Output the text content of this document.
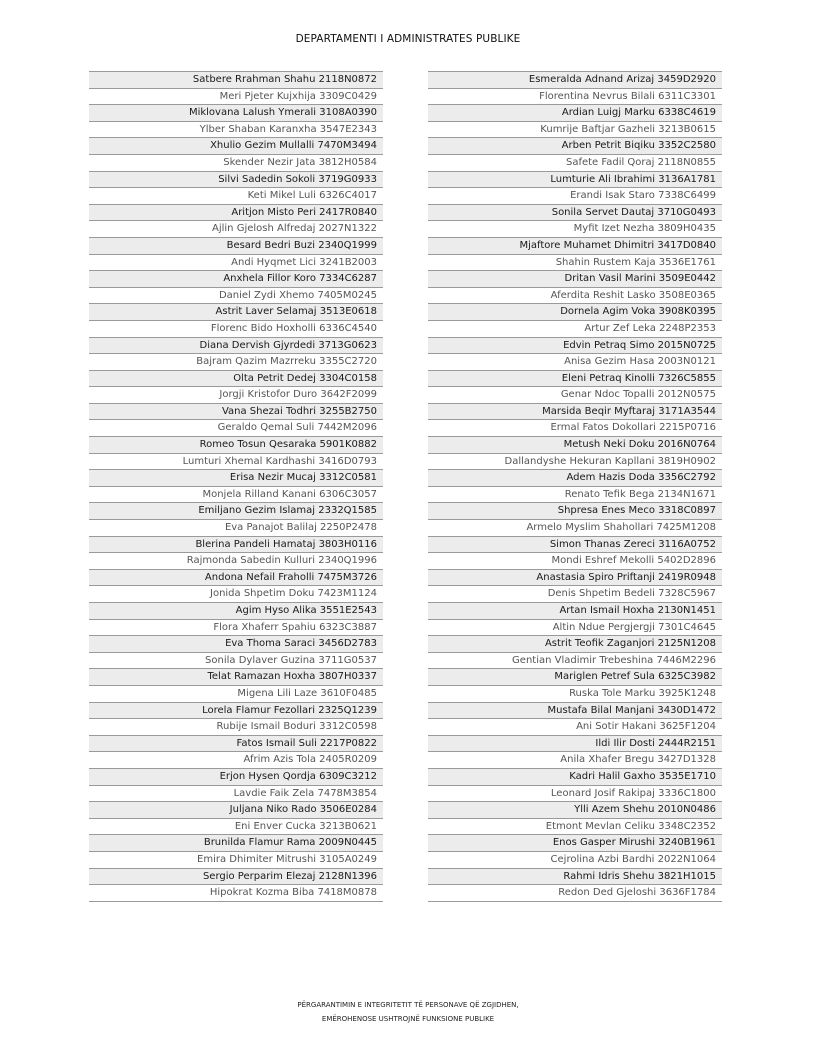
DEPARTAMENTI I ADMINISTRATES PUBLIKE
Satbere Rrahman Shahu 2118N0872
Meri Pjeter Kujxhija 3309C0429
Miklovana Lalush Ymerali 3108A0390
Ylber Shaban Karanxha 3547E2343
Xhulio Gezim Mullalli 7470M3494
Skender Nezir Jata 3812H0584
Silvi Sadedin Sokoli 3719G0933
Keti Mikel Luli 6326C4017
Aritjon Misto Peri 2417R0840
Ajlin Gjelosh Alfredaj 2027N1322
Besard Bedri Buzi 2340Q1999
Andi Hyqmet Lici 3241B2003
Anxhela Fillor Koro 7334C6287
Daniel Zydi Xhemo 7405M0245
Astrit Laver Selamaj 3513E0618
Florenc Bido Hoxholli 6336C4540
Diana Dervish Gjyrdedi 3713G0623
Bajram Qazim Mazrreku 3355C2720
Olta Petrit Dedej 3304C0158
Jorgji Kristofor Duro 3642F2099
Vana Shezai Todhri 3255B2750
Geraldo Qemal Suli 7442M2096
Romeo Tosun Qesaraka 5901K0882
Lumturi Xhemal Kardhashi 3416D0793
Erisa Nezir Mucaj 3312C0581
Monjela Rilland Kanani 6306C3057
Emiljano Gezim Islamaj 2332Q1585
Eva Panajot Balilaj 2250P2478
Blerina Pandeli Hamataj 3803H0116
Rajmonda Sabedin Kulluri 2340Q1996
Andona Nefail Fraholli 7475M3726
Jonida Shpetim Doku 7423M1124
Agim Hyso Alika 3551E2543
Flora Xhaferr Spahiu 6323C3887
Eva Thoma Saraci 3456D2783
Sonila Dylaver Guzina 3711G0537
Telat Ramazan Hoxha 3807H0337
Migena Lili Laze 3610F0485
Lorela Flamur Fezollari 2325Q1239
Rubije Ismail Boduri 3312C0598
Fatos Ismail Suli 2217P0822
Afrim Azis Tola 2405R0209
Erjon Hysen Qordja 6309C3212
Lavdie Faik Zela 7478M3854
Juljana Niko Rado 3506E0284
Eni Enver Cucka 3213B0621
Brunilda Flamur Rama 2009N0445
Emira Dhimiter Mitrushi 3105A0249
Sergio Perparim Elezaj 2128N1396
Hipokrat Kozma Biba 7418M0878
Esmeralda Adnand Arizaj 3459D2920
Florentina Nevrus Bilali 6311C3301
Ardian Luigj Marku 6338C4619
Kumrije Baftjar Gazheli 3213B0615
Arben Petrit Biqiku 3352C2580
Safete Fadil Qoraj 2118N0855
Lumturie Ali Ibrahimi 3136A1781
Erandi Isak Staro 7338C6499
Sonila Servet Dautaj 3710G0493
Myfit Izet Nezha 3809H0435
Mjaftore Muhamet Dhimitri 3417D0840
Shahin Rustem Kaja 3536E1761
Dritan Vasil Marini 3509E0442
Aferdita Reshit Lasko 3508E0365
Dornela Agim Voka 3908K0395
Artur Zef Leka 2248P2353
Edvin Petraq Simo 2015N0725
Anisa Gezim Hasa 2003N0121
Eleni Petraq Kinolli 7326C5855
Genar Ndoc Topalli 2012N0575
Marsida Beqir Myftaraj 3171A3544
Ermal Fatos Dokollari 2215P0716
Metush Neki Doku 2016N0764
Dallandyshe Hekuran Kapllani 3819H0902
Adem Hazis Doda 3356C2792
Renato Tefik Bega 2134N1671
Shpresa Enes Meco 3318C0897
Armelo Myslim Shahollari 7425M1208
Simon Thanas Zereci 3116A0752
Mondi Eshref Mekolli 5402D2896
Anastasia Spiro Priftanji 2419R0948
Denis Shpetim Bedeli 7328C5967
Artan Ismail Hoxha 2130N1451
Altin Ndue Pergjergji 7301C4645
Astrit Teofik Zaganjori 2125N1208
Gentian Vladimir Trebeshina 7446M2296
Mariglen Petref Sula 6325C3982
Ruska Tole Marku 3925K1248
Mustafa Bilal Manjani 3430D1472
Ani Sotir Hakani 3625F1204
Ildi Ilir Dosti 2444R2151
Anila Xhafer Bregu 3427D1328
Kadri Halil Gaxho 3535E1710
Leonard Josif Rakipaj 3336C1800
Ylli Azem Shehu 2010N0486
Etmont Mevlan Celiku 3348C2352
Enos Gasper Mirushi 3240B1961
Cejrolina Azbi Bardhi 2022N1064
Rahmi Idris Shehu 3821H1015
Redon Ded Gjeloshi 3636F1784
PËRGARANTIMIN E INTEGRITETIT TË PERSONAVE QË ZGJIDHEN,
EMËROHENOSE USHTROJNË FUNKSIONE PUBLIKE
